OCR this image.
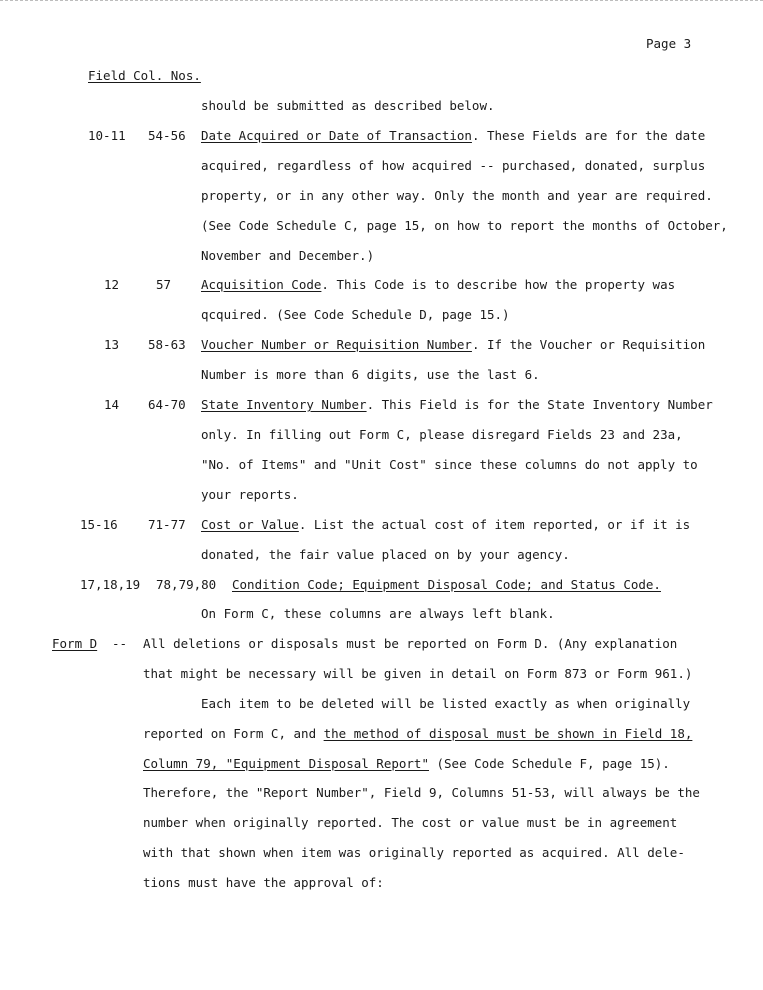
Page 3
Field Col. Nos.
should be submitted as described below.
10-11 54-56 Date Acquired or Date of Transaction. These Fields are for the date
acquired, regardless of how acquired -- purchased, donated, surplus
property, or in any other way. Only the month and year are required.
(See Code Schedule C, page 15, on how to report the months of October,
November and December.)
12	57 Acquisition Code. This Code is to describe how the property was
qcquired. (See Code Schedule D, page 15.)
13 58-63 Voucher Number or Requisition Number. If the Voucher or Requisition
Number is more than 6 digits, use the last 6.
14 64-70 State Inventory Number. This Field is for the State Inventory Number
only. In filling out Form C, please disregard Fields 23 and 23a,
"No. of Items" and "Unit Cost" since these columns do not apply to
your reports.
15-16 71-77 Cost or Value. List the actual cost of item reported, or if it is
donated, the fair value placed on by your agency.
17,18,19 78,79,80 Condition Code; Equipment Disposal Code; and Status Code.
On Form C, these columns are always left blank.
Form D -- All deletions or disposals must be reported on Form D. (Any explanation
that might be necessary will be given in detail on Form 873 or Form 961.)
Each item to be deleted will be listed exactly as when originally
reported on Form C, and the method of disposal must be shown in Field 18,
Column 79, "Equipment Disposal Report" (See Code Schedule F, page 15).
Therefore, the "Report Number", Field 9, Columns 51-53, will always be the
number when originally reported. The cost or value must be in agreement
with that shown when item was originally reported as acquired. All dele-
tions must have the approval of:
